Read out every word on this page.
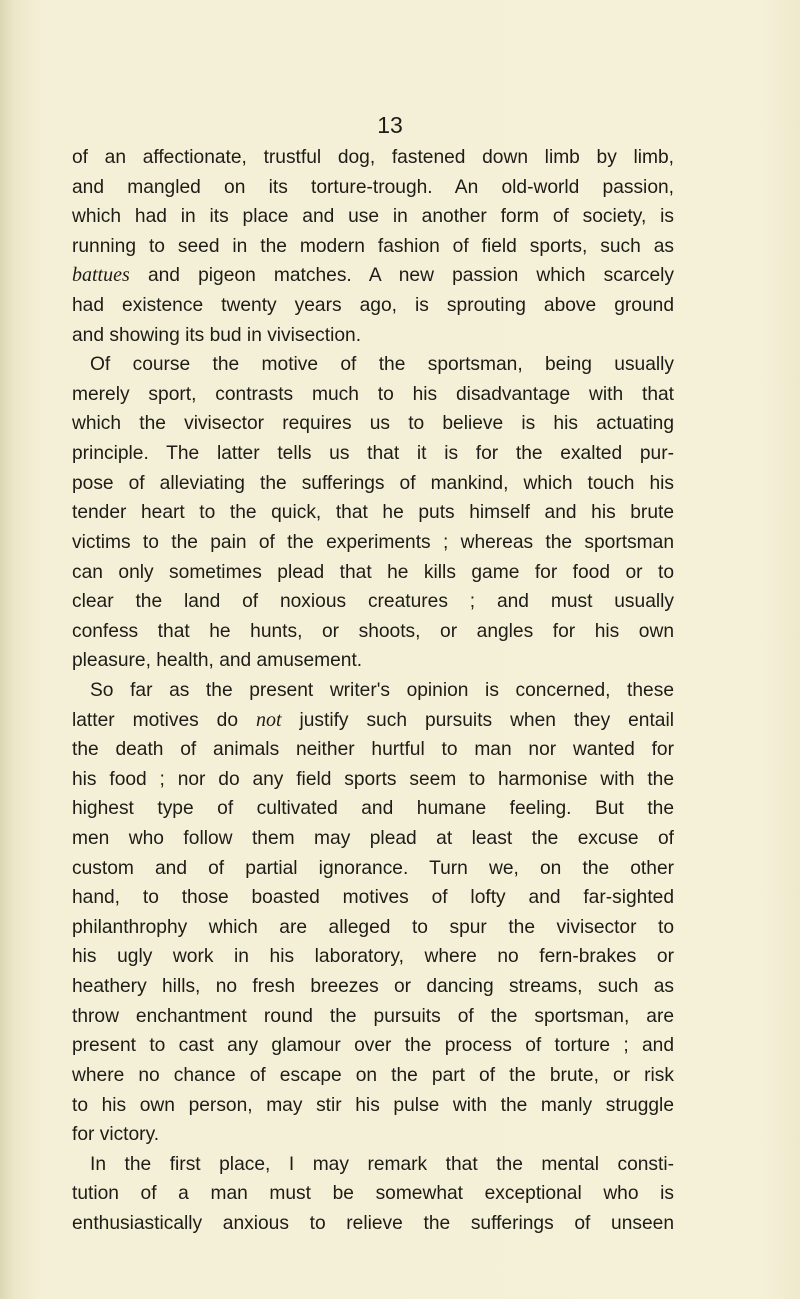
13
of an affectionate, trustful dog, fastened down limb by limb,
and mangled on its torture-trough. An old-world passion,
which had in its place and use in another form of society, is
running to seed in the modern fashion of field sports, such as
battues and pigeon matches. A new passion which scarcely
had existence twenty years ago, is sprouting above ground
and showing its bud in vivisection.
Of course the motive of the sportsman, being usually
merely sport, contrasts much to his disadvantage with that
which the vivisector requires us to believe is his actuating
principle. The latter tells us that it is for the exalted pur-
pose of alleviating the sufferings of mankind, which touch his
tender heart to the quick, that he puts himself and his brute
victims to the pain of the experiments ; whereas the sportsman
can only sometimes plead that he kills game for food or to
clear the land of noxious creatures ; and must usually
confess that he hunts, or shoots, or angles for his own
pleasure, health, and amusement.
So far as the present writer's opinion is concerned, these
latter motives do not justify such pursuits when they entail
the death of animals neither hurtful to man nor wanted for
his food ; nor do any field sports seem to harmonise with the
highest type of cultivated and humane feeling. But the
men who follow them may plead at least the excuse of
custom and of partial ignorance. Turn we, on the other
hand, to those boasted motives of lofty and far-sighted
philanthrophy which are alleged to spur the vivisector to
his ugly work in his laboratory, where no fern-brakes or
heathery hills, no fresh breezes or dancing streams, such as
throw enchantment round the pursuits of the sportsman, are
present to cast any glamour over the process of torture ; and
where no chance of escape on the part of the brute, or risk
to his own person, may stir his pulse with the manly struggle
for victory.
In the first place, I may remark that the mental consti-
tution of a man must be somewhat exceptional who is
enthusiastically anxious to relieve the sufferings of unseen
